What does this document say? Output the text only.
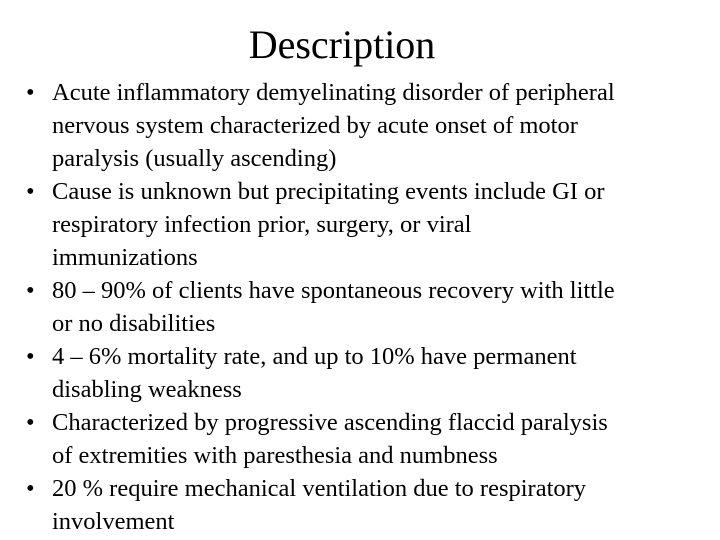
Description
• Acute inflammatory demyelinating disorder of peripheral
nervous system characterized by acute onset of motor
paralysis (usually ascending)
• Cause is unknown but precipitating events include GI or
respiratory infection prior, surgery, or viral
immunizations
• 80 – 90% of clients have spontaneous recovery with little
or no disabilities
• 4 – 6% mortality rate, and up to 10% have permanent
disabling weakness
• Characterized by progressive ascending flaccid paralysis
of extremities with paresthesia and numbness
• 20 % require mechanical ventilation due to respiratory
involvement
